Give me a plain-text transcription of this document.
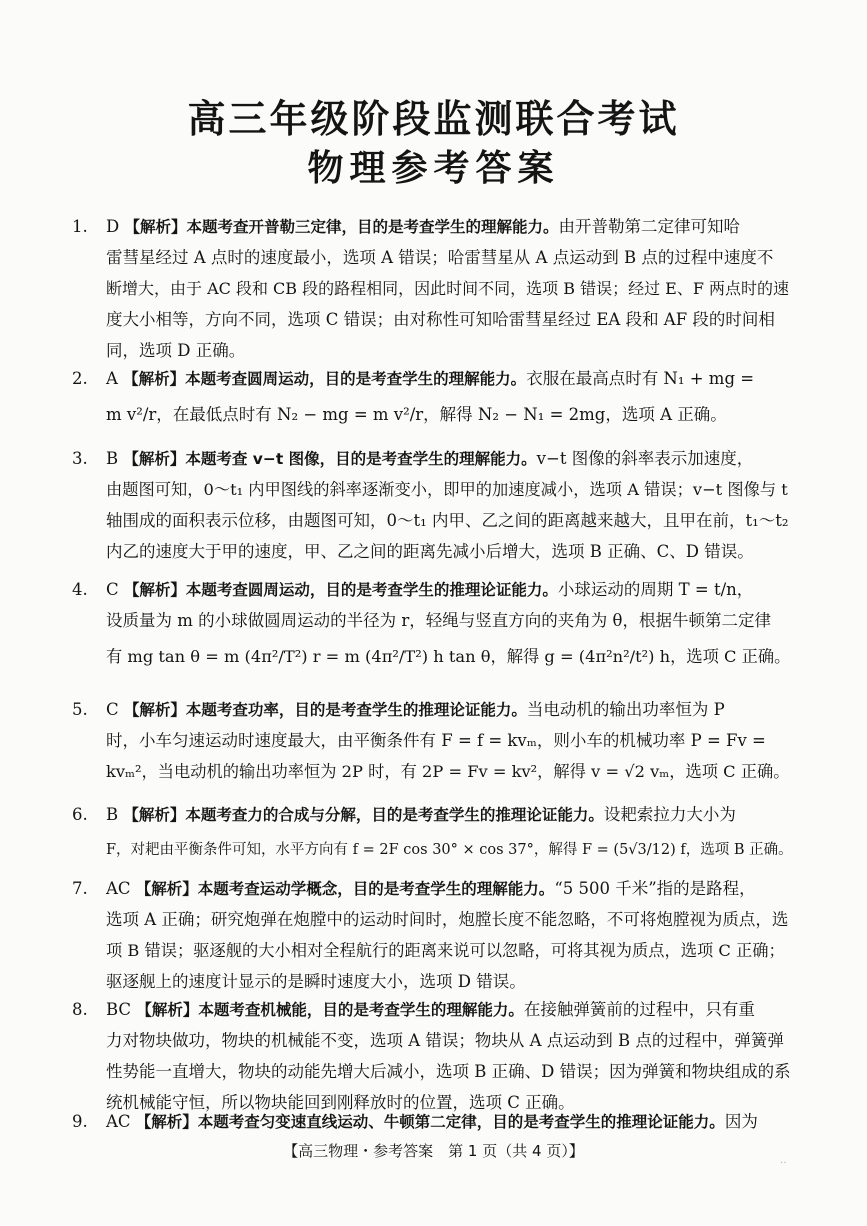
高三年级阶段监测联合考试
物理参考答案
1. D 【解析】本题考查开普勒三定律，目的是考查学生的理解能力。由开普勒第二定律可知哈
雷彗星经过 A 点时的速度最小，选项 A 错误；哈雷彗星从 A 点运动到 B 点的过程中速度不
断增大，由于 AC 段和 CB 段的路程相同，因此时间不同，选项 B 错误；经过 E、F 两点时的速
度大小相等，方向不同，选项 C 错误；由对称性可知哈雷彗星经过 EA 段和 AF 段的时间相
同，选项 D 正确。
2. A 【解析】本题考查圆周运动，目的是考查学生的理解能力。衣服在最高点时有 N₁ + mg =
m v²/r，在最低点时有 N₂ − mg = m v²/r，解得 N₂ − N₁ = 2mg，选项 A 正确。
3. B 【解析】本题考查 v−t 图像，目的是考查学生的理解能力。v−t 图像的斜率表示加速度，
由题图可知，0～t₁ 内甲图线的斜率逐渐变小，即甲的加速度减小，选项 A 错误；v−t 图像与 t
轴围成的面积表示位移，由题图可知，0～t₁ 内甲、乙之间的距离越来越大，且甲在前，t₁～t₂
内乙的速度大于甲的速度，甲、乙之间的距离先减小后增大，选项 B 正确、C、D 错误。
4. C 【解析】本题考查圆周运动，目的是考查学生的推理论证能力。小球运动的周期 T = t/n，
设质量为 m 的小球做圆周运动的半径为 r，轻绳与竖直方向的夹角为 θ，根据牛顿第二定律
有 mg tan θ = m (4π²/T²) r = m (4π²/T²) h tan θ，解得 g = (4π²n²/t²) h，选项 C 正确。
5. C 【解析】本题考查功率，目的是考查学生的推理论证能力。当电动机的输出功率恒为 P
时，小车匀速运动时速度最大，由平衡条件有 F = f = kvₘ，则小车的机械功率 P = Fv =
kvₘ²，当电动机的输出功率恒为 2P 时，有 2P = Fv = kv²，解得 v = √2 vₘ，选项 C 正确。
6. B 【解析】本题考查力的合成与分解，目的是考查学生的推理论证能力。设耙索拉力大小为
F，对耙由平衡条件可知，水平方向有 f = 2F cos 30° × cos 37°，解得 F = (5√3/12) f，选项 B 正确。
7. AC 【解析】本题考查运动学概念，目的是考查学生的理解能力。“5 500 千米”指的是路程，
选项 A 正确；研究炮弹在炮膛中的运动时间时，炮膛长度不能忽略，不可将炮膛视为质点，选
项 B 错误；驱逐舰的大小相对全程航行的距离来说可以忽略，可将其视为质点，选项 C 正确；
驱逐舰上的速度计显示的是瞬时速度大小，选项 D 错误。
8. BC 【解析】本题考查机械能，目的是考查学生的理解能力。在接触弹簧前的过程中，只有重
力对物块做功，物块的机械能不变，选项 A 错误；物块从 A 点运动到 B 点的过程中，弹簧弹
性势能一直增大，物块的动能先增大后减小，选项 B 正确、D 错误；因为弹簧和物块组成的系
统机械能守恒，所以物块能回到刚释放时的位置，选项 C 正确。
9. AC 【解析】本题考查匀变速直线运动、牛顿第二定律，目的是考查学生的推理论证能力。因为
【高三物理・参考答案　第 1 页（共 4 页）】
‥
